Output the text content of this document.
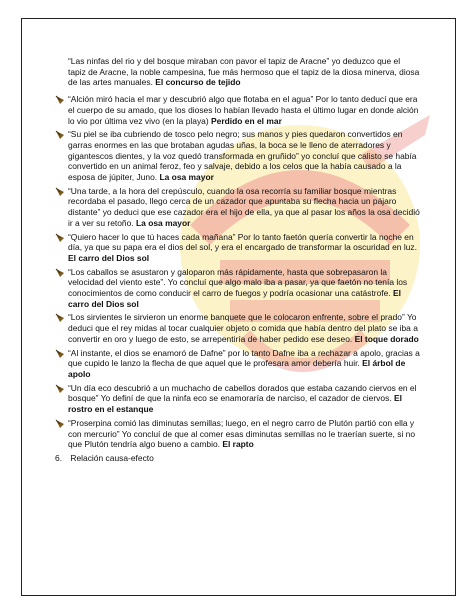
“Las ninfas del rio y del bosque miraban con pavor el tapiz de Aracne” yo deduzco que el tapiz de Aracne, la noble campesina, fue más hermoso que el tapiz de la diosa minerva, diosa de las artes manuales. El concurso de tejido

“Alción miró hacia el mar y descubrió algo que flotaba en el agua” Por lo tanto deducí que era el cuerpo de su amado, que los dioses lo habían llevado hasta el último lugar en donde alción lo vio por última vez vivo (en la playa) Perdido en el mar
“Su piel se iba cubriendo de tosco pelo negro; sus manos y pies quedaron convertidos en garras enormes en las que brotaban agudas uñas, la boca se le lleno de aterradores y gigantescos dientes, y la voz quedó transformada en gruñido” yo concluí que calisto se había convertido en un animal feroz, feo y salvaje, debido a los celos que la había causado a la esposa de júpiter, Juno. La osa mayor
“Una tarde, a la hora del crepúsculo, cuando la osa recorría su familiar bosque mientras recordaba el pasado, llego cerca de un cazador que apuntaba su flecha hacia un pájaro distante” yo deduci que ese cazador era el hijo de ella, ya que al pasar los años la osa decidió ir a ver su retoño. La osa mayor
“Quiero hacer lo que tú haces cada mañana” Por lo tanto faetón quería convertir la noche en día, ya que su papa era el dios del sol, y era el encargado de transformar la oscuridad en luz. El carro del Dios sol
“Los caballos se asustaron y galoparon más rápidamente, hasta que sobrepasaron la velocidad del viento este”. Yo concluí que algo malo iba a pasar, ya que faetón no tenía los conocimientos de como conducir el carro de fuegos y podría ocasionar una catástrofe. El carro del Dios sol
“Los sirvientes le sirvieron un enorme banquete que le colocaron enfrente, sobre el prado” Yo deduci que el rey midas al tocar cualquier objeto o comida que había dentro del plato se iba a convertir en oro y luego de esto, se arrepentiría de haber pedido ese deseo. El toque dorado
“Al instante, el dios se enamoró de Dafne” por lo tanto Dafne iba a rechazar a apolo, gracias a que cupido le lanzo la flecha de que aquel que le profesara amor debería huir. El árbol de apolo
“Un día eco descubrió a un muchacho de cabellos dorados que estaba cazando ciervos en el bosque” Yo definí de que la ninfa eco se enamoraría de narciso, el cazador de ciervos. El rostro en el estanque
“Proserpina comió las diminutas semillas; luego, en el negro carro de Plutón partió con ella y con mercurio” Yo concluí de que al comer esas diminutas semillas no le traerían suerte, si no que Plutón tendría algo bueno a cambio. El rapto
6. Relación causa-efecto
